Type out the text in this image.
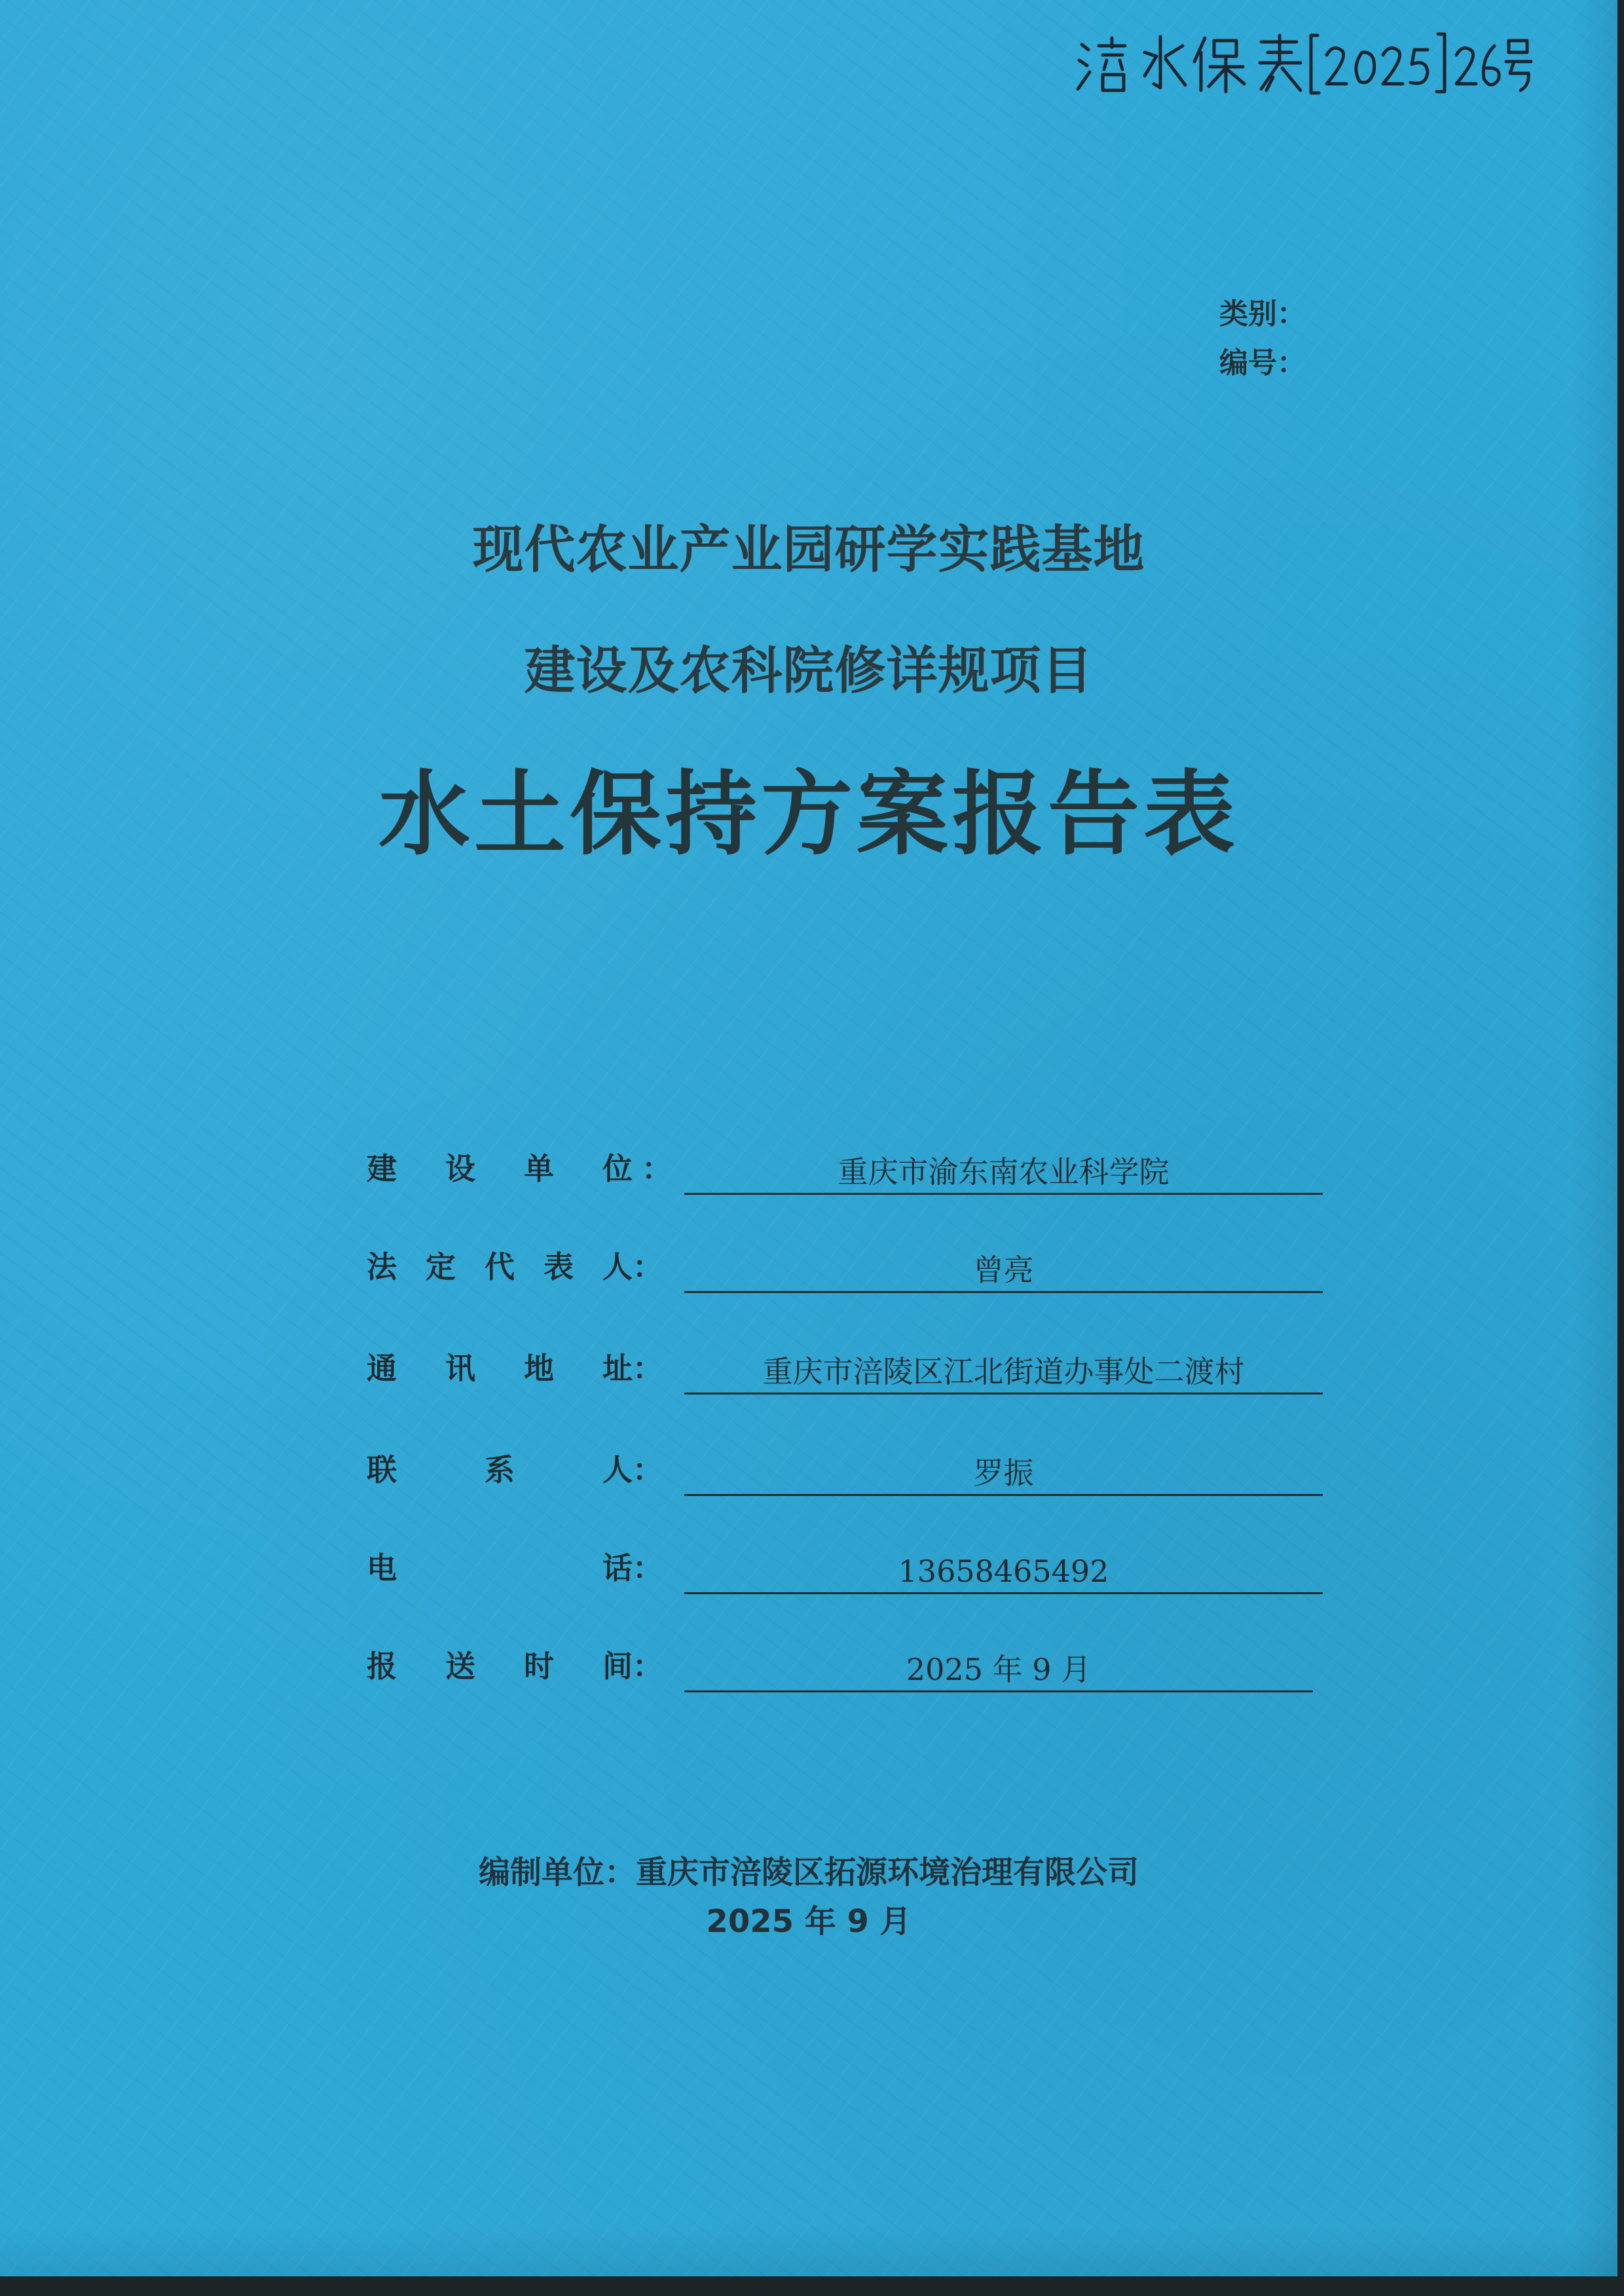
类别：
编号：
现代农业产业园研学实践基地
建设及农科院修详规项目
水土保持方案报告表
建 设 单 位 ：	重庆市渝东南农业科学院
法 定 代 表 人：	曾亮
通 讯 地 址：	重庆市涪陵区江北街道办事处二渡村
联	系	人：	罗振
电	话：	13658465492
报 送 时 间：	2025 年 9 月
编制单位：重庆市涪陵区拓源环境治理有限公司
2025 年 9 月
